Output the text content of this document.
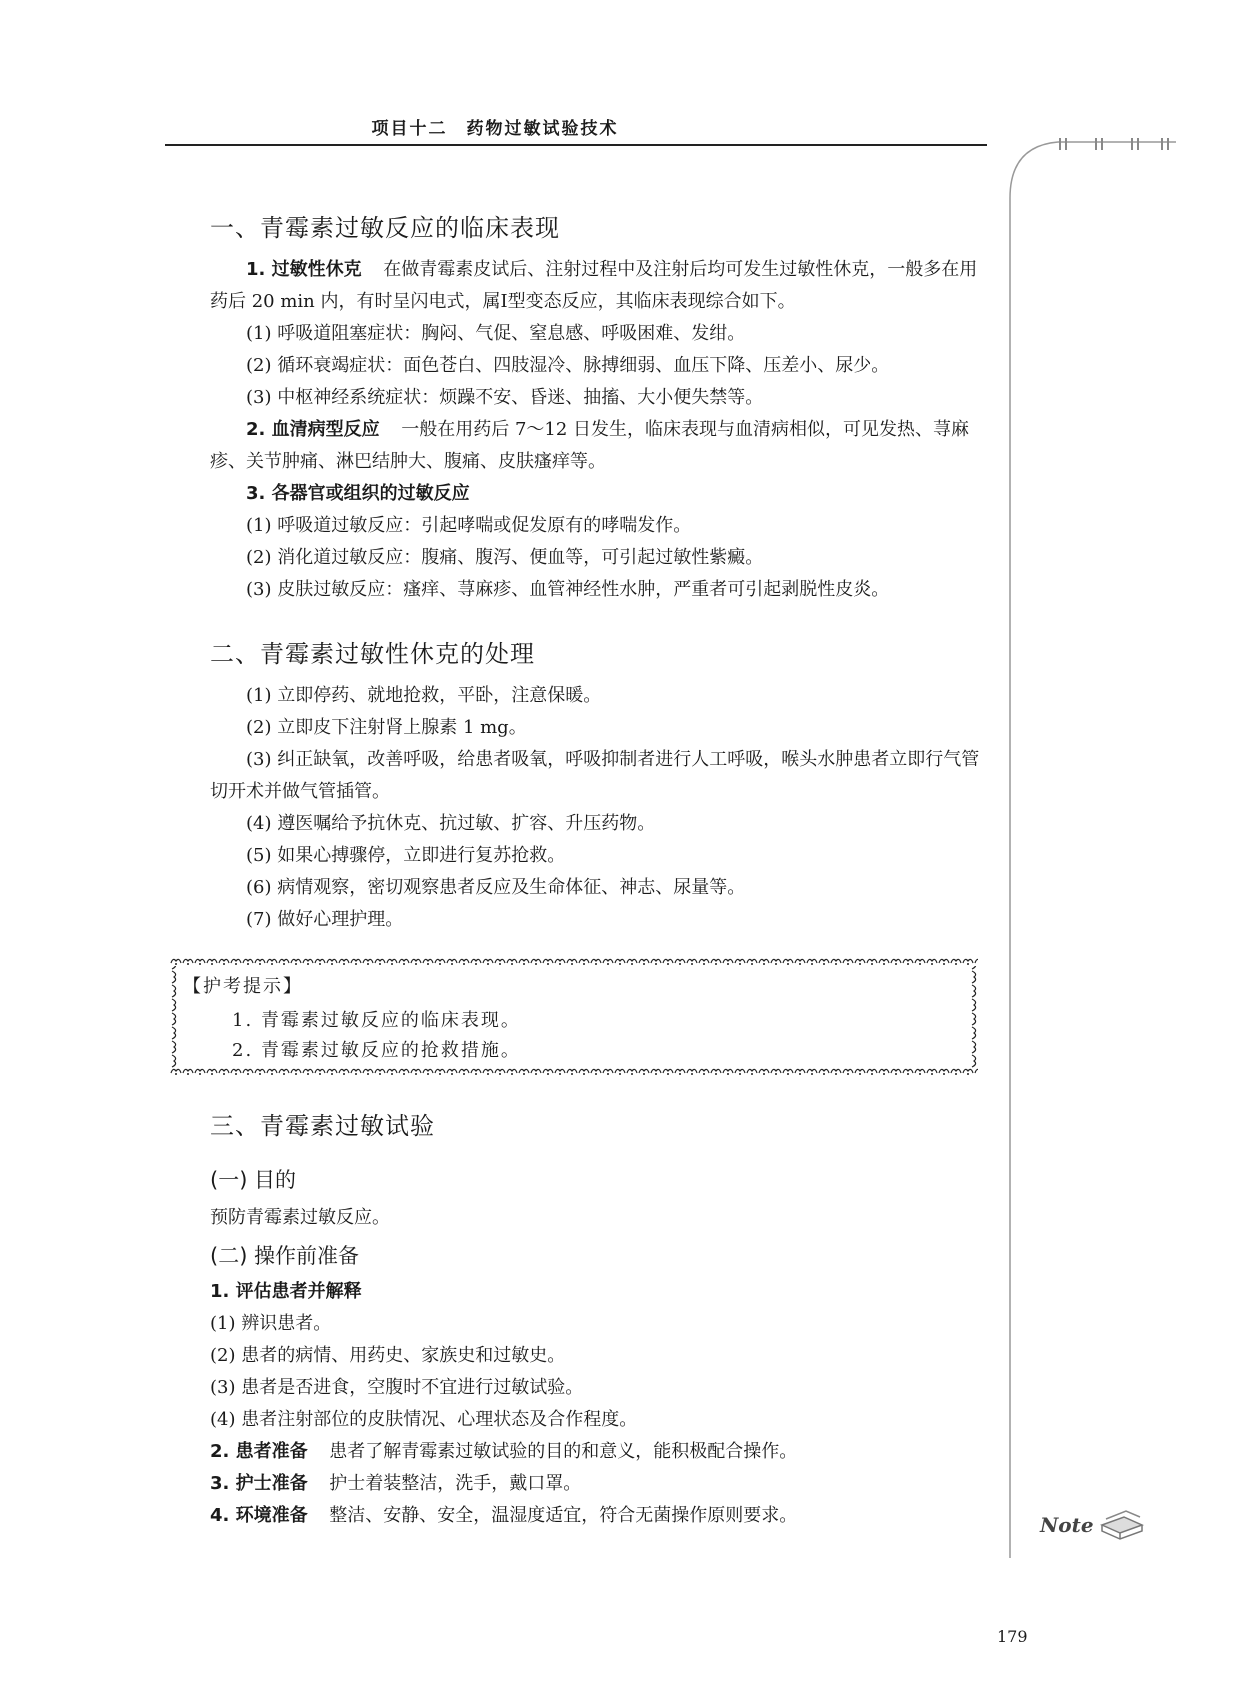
项目十二　药物过敏试验技术
Note
179
一、青霉素过敏反应的临床表现

1. 过敏性休克 在做青霉素皮试后、注射过程中及注射后均可发生过敏性休克，一般多在用药后 20 min 内，有时呈闪电式，属Ⅰ型变态反应，其临床表现综合如下。

(1) 呼吸道阻塞症状：胸闷、气促、窒息感、呼吸困难、发绀。
(2) 循环衰竭症状：面色苍白、四肢湿冷、脉搏细弱、血压下降、压差小、尿少。
(3) 中枢神经系统症状：烦躁不安、昏迷、抽搐、大小便失禁等。

2. 血清病型反应 一般在用药后 7～12 日发生，临床表现与血清病相似，可见发热、荨麻疹、关节肿痛、淋巴结肿大、腹痛、皮肤瘙痒等。

3. 各器官或组织的过敏反应
(1) 呼吸道过敏反应：引起哮喘或促发原有的哮喘发作。
(2) 消化道过敏反应：腹痛、腹泻、便血等，可引起过敏性紫癜。
(3) 皮肤过敏反应：瘙痒、荨麻疹、血管神经性水肿，严重者可引起剥脱性皮炎。
二、青霉素过敏性休克的处理
(1) 立即停药、就地抢救，平卧，注意保暖。
(2) 立即皮下注射肾上腺素 1 mg。

(3) 纠正缺氧，改善呼吸，给患者吸氧，呼吸抑制者进行人工呼吸，喉头水肿患者立即行气管切开术并做气管插管。

(4) 遵医嘱给予抗休克、抗过敏、扩容、升压药物。
(5) 如果心搏骤停，立即进行复苏抢救。
(6) 病情观察，密切观察患者反应及生命体征、神志、尿量等。
(7) 做好心理护理。
三、青霉素过敏试验
(一) 目的
预防青霉素过敏反应。
(二) 操作前准备
1. 评估患者并解释
(1) 辨识患者。
(2) 患者的病情、用药史、家族史和过敏史。
(3) 患者是否进食，空腹时不宜进行过敏试验。
(4) 患者注射部位的皮肤情况、心理状态及合作程度。
2. 患者准备 患者了解青霉素过敏试验的目的和意义，能积极配合操作。
3. 护士准备 护士着装整洁，洗手，戴口罩。
4. 环境准备 整洁、安静、安全，温湿度适宜，符合无菌操作原则要求。
【护考提示】
1. 青霉素过敏反应的临床表现。
2. 青霉素过敏反应的抢救措施。
